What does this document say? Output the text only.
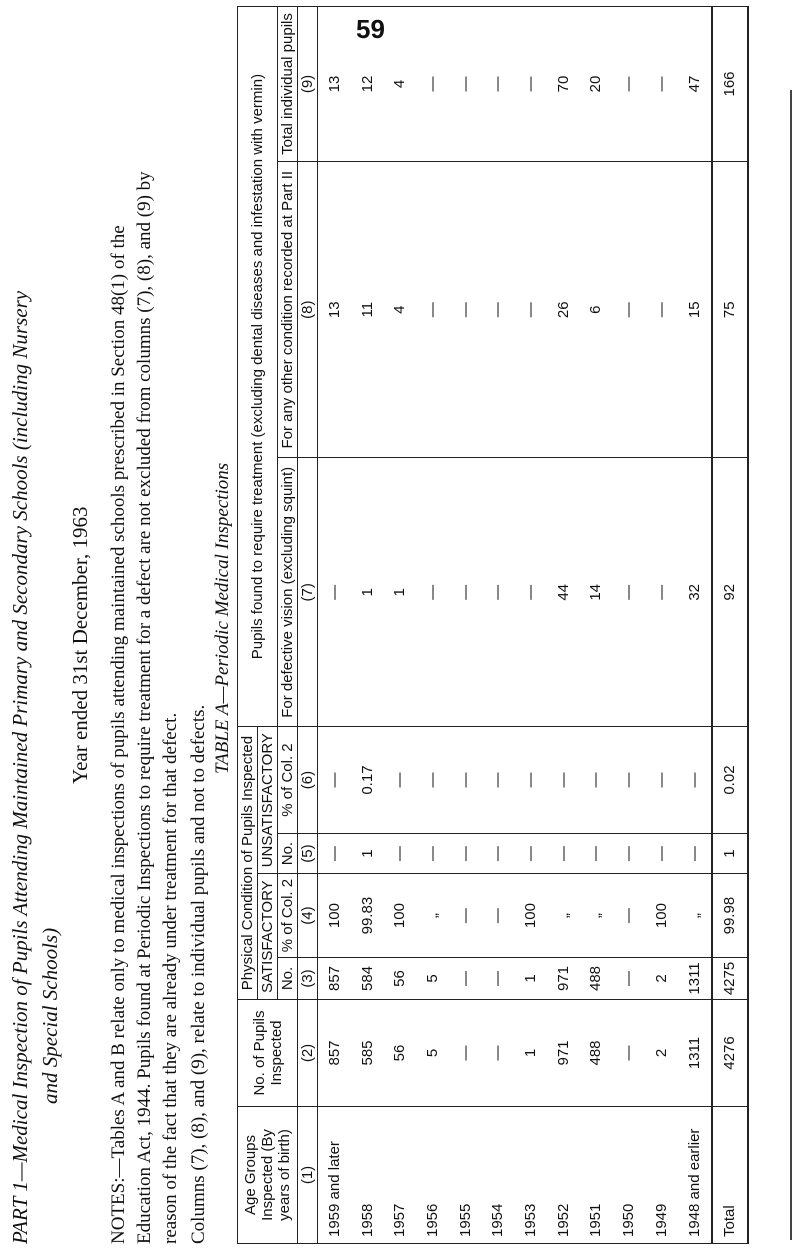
59
PART 1—Medical Inspection of Pupils Attending Maintained Primary and Secondary Schools (including Nursery and Special Schools)
Year ended 31st December, 1963 NOTES:—Tables A and B relate only to medical inspections of pupils attending maintained schools prescribed in Section 48(1) of the Education Act, 1944. Pupils found at Periodic Inspections to require treatment for a defect are not excluded from columns (7), (8), and (9) by reason of the fact that they are already under treatment for that defect. Columns (7), (8), and (9), relate to individual pupils and not to defects.

TABLE A—Periodic Medical Inspections
Age Groups Inspected (By years of birth)	No. of Pupils Inspected	Physical Condition of Pupils Inspected				Pupils found to require treatment (excluding dental diseases and infestation with vermin)		
		SATISFACTORY		UNSATISFACTORY				
		No.	% of Col. 2	No.	% of Col. 2	For defective vision (excluding squint)	For any other condition recorded at Part II	Total individual pupils
(1)	(2)	(3)	(4)	(5)	(6)	(7)	(8)	(9)
1959 and later	857	857	100	—	—	—	13	13
1958	585	584	99.83	1	0.17	1	11	12
1957	56	56	100	—	—	1	4	4
1956	5	5	„	—	—	—	—	—
1955	—	—	—	—	—	—	—	—
1954	—	—	—	—	—	—	—	—
1953	1	1	100	—	—	—	—	—
1952	971	971	„	—	—	44	26	70
1951	488	488	„	—	—	14	6	20
1950	—	—	—	—	—	—	—	—
1949	2	2	100	—	—	—	—	—
1948 and earlier	1311	1311	„	—	—	32	15	47
Total	4276	4275	99.98	1	0.02	92	75	166
